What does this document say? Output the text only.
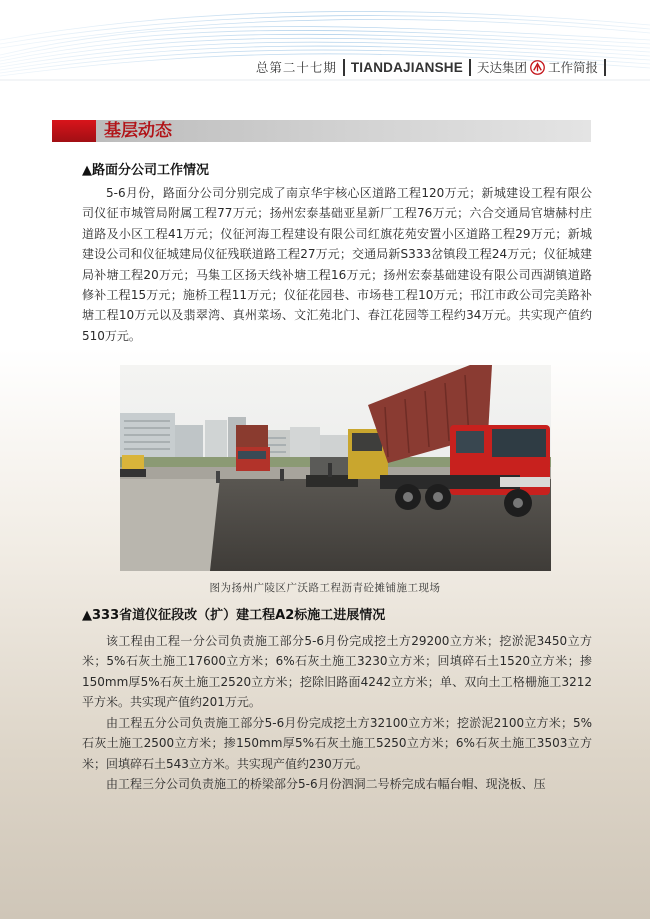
总第二十七期 TIANDAJIANSHE 天达集团 工作简报
基层动态
▲路面分公司工作情况

5-6月份，路面分公司分别完成了南京华宇核心区道路工程120万元；新城建设工程有限公司仪征市城管局附属工程77万元；扬州宏泰基础亚星新厂工程76万元；六合交通局官塘赫村庄道路及小区工程41万元；仪征河海工程建设有限公司红旗花苑安置小区道路工程29万元；新城建设公司和仪征城建局仪征残联道路工程27万元；交通局新S333岔镇段工程24万元；仪征城建局补塘工程20万元；马集工区扬天线补塘工程16万元；扬州宏泰基础建设有限公司西湖镇道路修补工程15万元；施桥工程11万元；仪征花园巷、市场巷工程10万元；邗江市政公司完美路补塘工程10万元以及翡翠湾、真州菜场、文汇苑北门、春江花园等工程约34万元。共实现产值约510万元。

图为扬州广陵区广沃路工程沥青砼摊铺施工现场
▲333省道仪征段改（扩）建工程A2标施工进展情况

该工程由工程一分公司负责施工部分5-6月份完成挖土方29200立方米；挖淤泥3450立方米；5%石灰土施工17600立方米；6%石灰土施工3230立方米；回填碎石土1520立方米；掺150mm厚5%石灰土施工2520立方米；挖除旧路面4242立方米；单、双向土工格栅施工3212平方米。共实现产值约201万元。

由工程五分公司负责施工部分5-6月份完成挖土方32100立方米；挖淤泥2100立方米；5%石灰土施工2500立方米；掺150mm厚5%石灰土施工5250立方米；6%石灰土施工3503立方米；回填碎石土543立方米。共实现产值约230万元。

由工程三分公司负责施工的桥梁部分5-6月份泗洞二号桥完成右幅台帽、现浇板、压
